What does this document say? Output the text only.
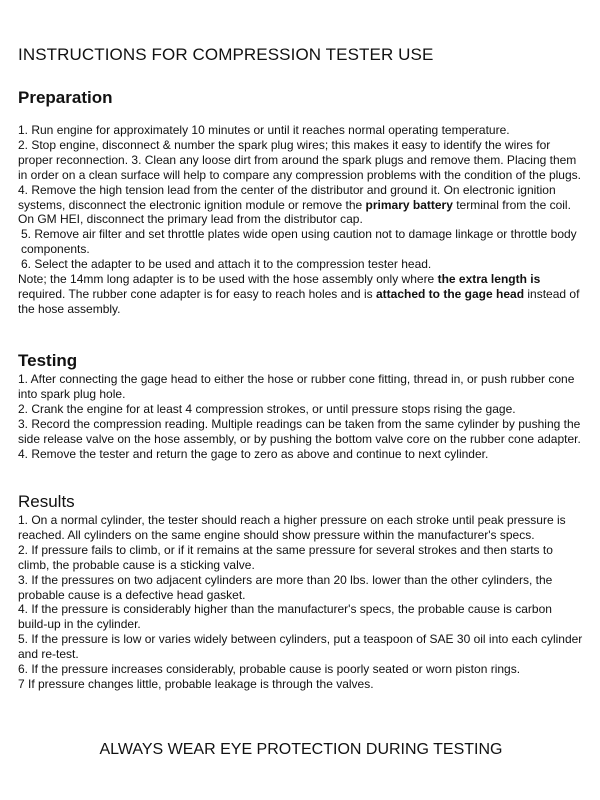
INSTRUCTIONS FOR COMPRESSION TESTER USE
Preparation

1. Run engine for approximately 10 minutes or until it reaches normal operating temperature.

2. Stop engine, disconnect & number the spark plug wires; this makes it easy to identify the wires for proper reconnection. 3. Clean any loose dirt from around the spark plugs and remove them. Placing them in order on a clean surface will help to compare any compression problems with the condition of the plugs.

4. Remove the high tension lead from the center of the distributor and ground it. On electronic ignition systems, disconnect the electronic ignition module or remove the primary battery terminal from the coil. On GM HEI, disconnect the primary lead from the distributor cap.

5. Remove air filter and set throttle plates wide open using caution not to damage linkage or throttle body components.

6. Select the adapter to be used and attach it to the compression tester head.

Note; the 14mm long adapter is to be used with the hose assembly only where the extra length is required. The rubber cone adapter is for easy to reach holes and is attached to the gage head instead of the hose assembly.

Testing

1. After connecting the gage head to either the hose or rubber cone fitting, thread in, or push rubber cone into spark plug hole.

2. Crank the engine for at least 4 compression strokes, or until pressure stops rising the gage.

3. Record the compression reading. Multiple readings can be taken from the same cylinder by pushing the side release valve on the hose assembly, or by pushing the bottom valve core on the rubber cone adapter.

4. Remove the tester and return the gage to zero as above and continue to next cylinder.

Results

1. On a normal cylinder, the tester should reach a higher pressure on each stroke until peak pressure is reached. All cylinders on the same engine should show pressure within the manufacturer's specs.

2. If pressure fails to climb, or if it remains at the same pressure for several strokes and then starts to climb, the probable cause is a sticking valve.

3. If the pressures on two adjacent cylinders are more than 20 lbs. lower than the other cylinders, the probable cause is a defective head gasket.

4. If the pressure is considerably higher than the manufacturer's specs, the probable cause is carbon build-up in the cylinder.

5. If the pressure is low or varies widely between cylinders, put a teaspoon of SAE 30 oil into each cylinder and re-test.

6. If the pressure increases considerably, probable cause is poorly seated or worn piston rings.

7 If pressure changes little, probable leakage is through the valves.

ALWAYS WEAR EYE PROTECTION DURING TESTING
